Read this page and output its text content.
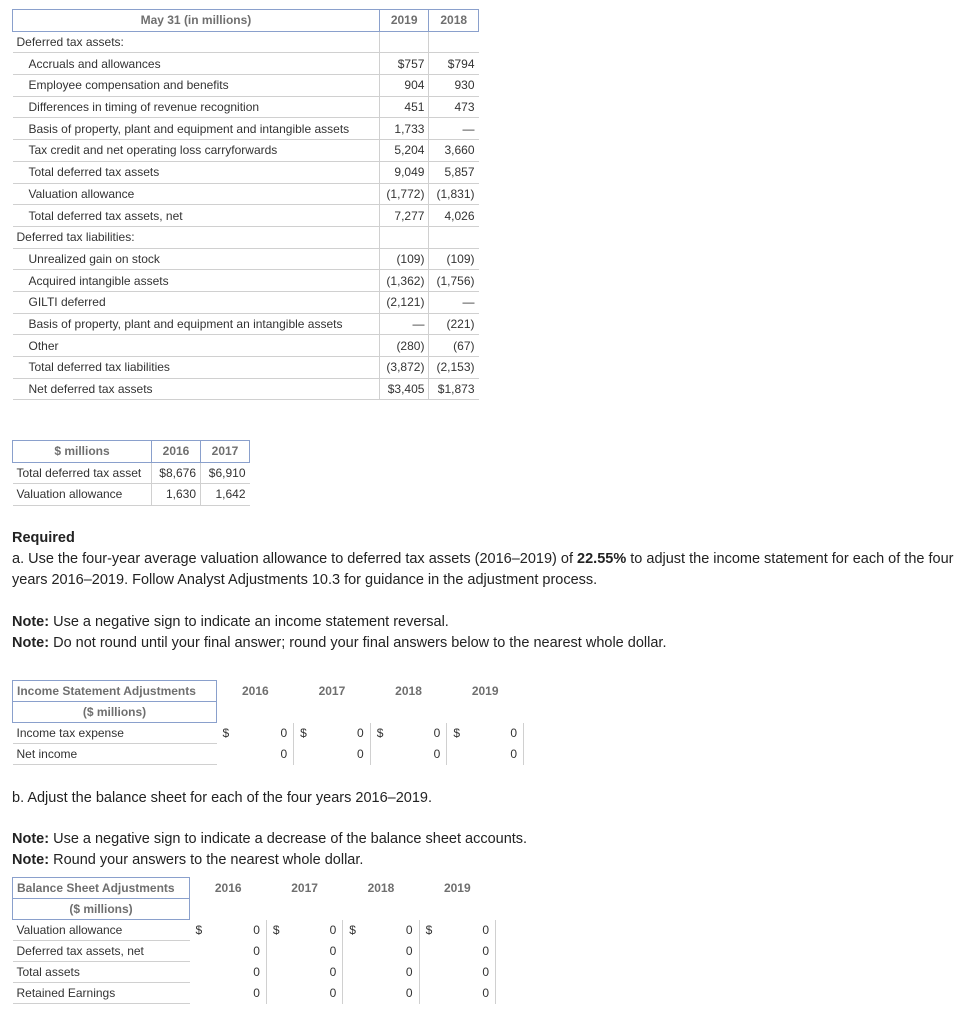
May 31 (in millions)	2019	2018
Deferred tax assets:		
Accruals and allowances	$757	$794
Employee compensation and benefits	904	930
Differences in timing of revenue recognition	451	473
Basis of property, plant and equipment and intangible assets	1,733	—
Tax credit and net operating loss carryforwards	5,204	3,660
Total deferred tax assets	9,049	5,857
Valuation allowance	(1,772)	(1,831)
Total deferred tax assets, net	7,277	4,026
Deferred tax liabilities:		
Unrealized gain on stock	(109)	(109)
Acquired intangible assets	(1,362)	(1,756)
GILTI deferred	(2,121)	—
Basis of property, plant and equipment an intangible assets	—	(221)
Other	(280)	(67)
Total deferred tax liabilities	(3,872)	(2,153)
Net deferred tax assets	$3,405	$1,873
$ millions	2016	2017
Total deferred tax asset	$8,676	$6,910
Valuation allowance	1,630	1,642
Required
a. Use the four-year average valuation allowance to deferred tax assets (2016–2019) of 22.55% to adjust the income statement for each of the four years 2016–2019. Follow Analyst Adjustments 10.3 for guidance in the adjustment process.
Note: Use a negative sign to indicate an income statement reversal.
Note: Do not round until your final answer; round your final answers below to the nearest whole dollar.
Income Statement Adjustments	2016		2017		2018		2019	
($ millions)								
Income tax expense	$	0	$	0	$	0	$	0
Net income		0		0		0		0
b. Adjust the balance sheet for each of the four years 2016–2019.
Note: Use a negative sign to indicate a decrease of the balance sheet accounts.
Note: Round your answers to the nearest whole dollar.
Balance Sheet Adjustments	2016		2017		2018		2019	
($ millions)								
Valuation allowance	$	0	$	0	$	0	$	0
Deferred tax assets, net		0		0		0		0
Total assets		0		0		0		0
Retained Earnings		0		0		0		0
